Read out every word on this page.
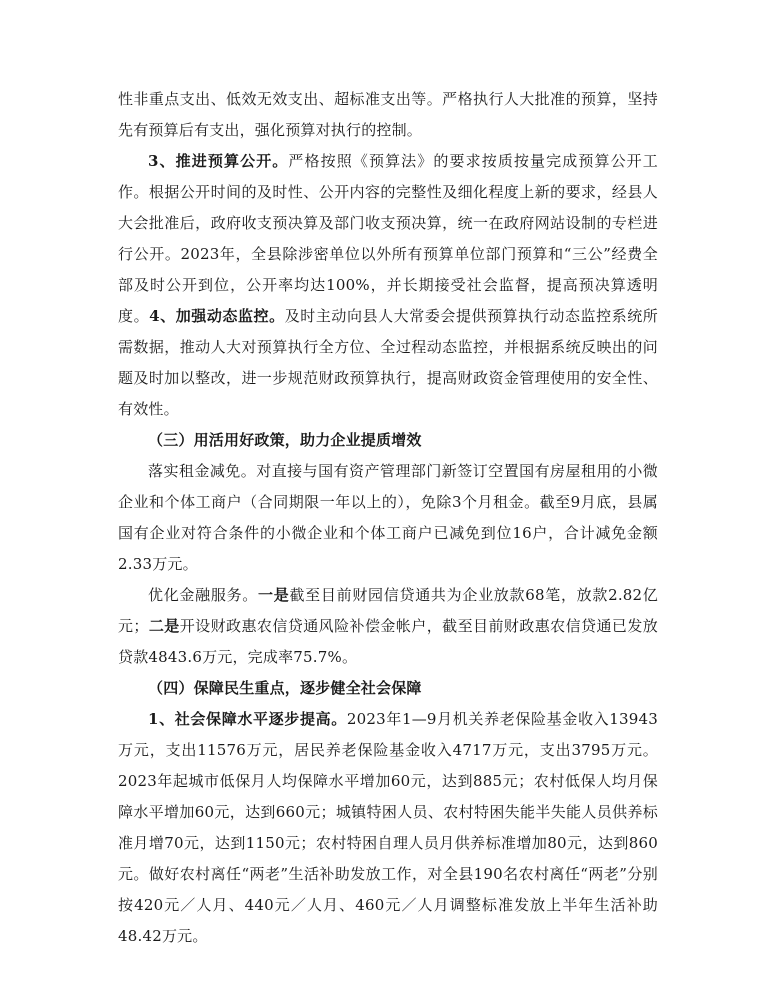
性非重点支出、低效无效支出、超标准支出等。严格执行人大批准的预算，坚持先有预算后有支出，强化预算对执行的控制。

3、推进预算公开。严格按照《预算法》的要求按质按量完成预算公开工作。根据公开时间的及时性、公开内容的完整性及细化程度上新的要求，经县人大会批准后，政府收支预决算及部门收支预决算，统一在政府网站设制的专栏进行公开。2023年，全县除涉密单位以外所有预算单位部门预算和“三公”经费全部及时公开到位，公开率均达100%，并长期接受社会监督，提高预决算透明度。4、加强动态监控。及时主动向县人大常委会提供预算执行动态监控系统所需数据，推动人大对预算执行全方位、全过程动态监控，并根据系统反映出的问题及时加以整改，进一步规范财政预算执行，提高财政资金管理使用的安全性、有效性。

（三）用活用好政策，助力企业提质增效

落实租金减免。对直接与国有资产管理部门新签订空置国有房屋租用的小微企业和个体工商户（合同期限一年以上的），免除3个月租金。截至9月底，县属国有企业对符合条件的小微企业和个体工商户已减免到位16户，合计减免金额2.33万元。

优化金融服务。一是截至目前财园信贷通共为企业放款68笔，放款2.82亿元；二是开设财政惠农信贷通风险补偿金帐户，截至目前财政惠农信贷通已发放贷款4843.6万元，完成率75.7%。

（四）保障民生重点，逐步健全社会保障

1、社会保障水平逐步提高。2023年1—9月机关养老保险基金收入13943万元，支出11576万元，居民养老保险基金收入4717万元，支出3795万元。2023年起城市低保月人均保障水平增加60元，达到885元；农村低保人均月保障水平增加60元，达到660元；城镇特困人员、农村特困失能半失能人员供养标准月增70元，达到1150元；农村特困自理人员月供养标准增加80元，达到860元。做好农村离任“两老”生活补助发放工作，对全县190名农村离任“两老”分别按420元／人月、440元／人月、460元／人月调整标准发放上半年生活补助48.42万元。
